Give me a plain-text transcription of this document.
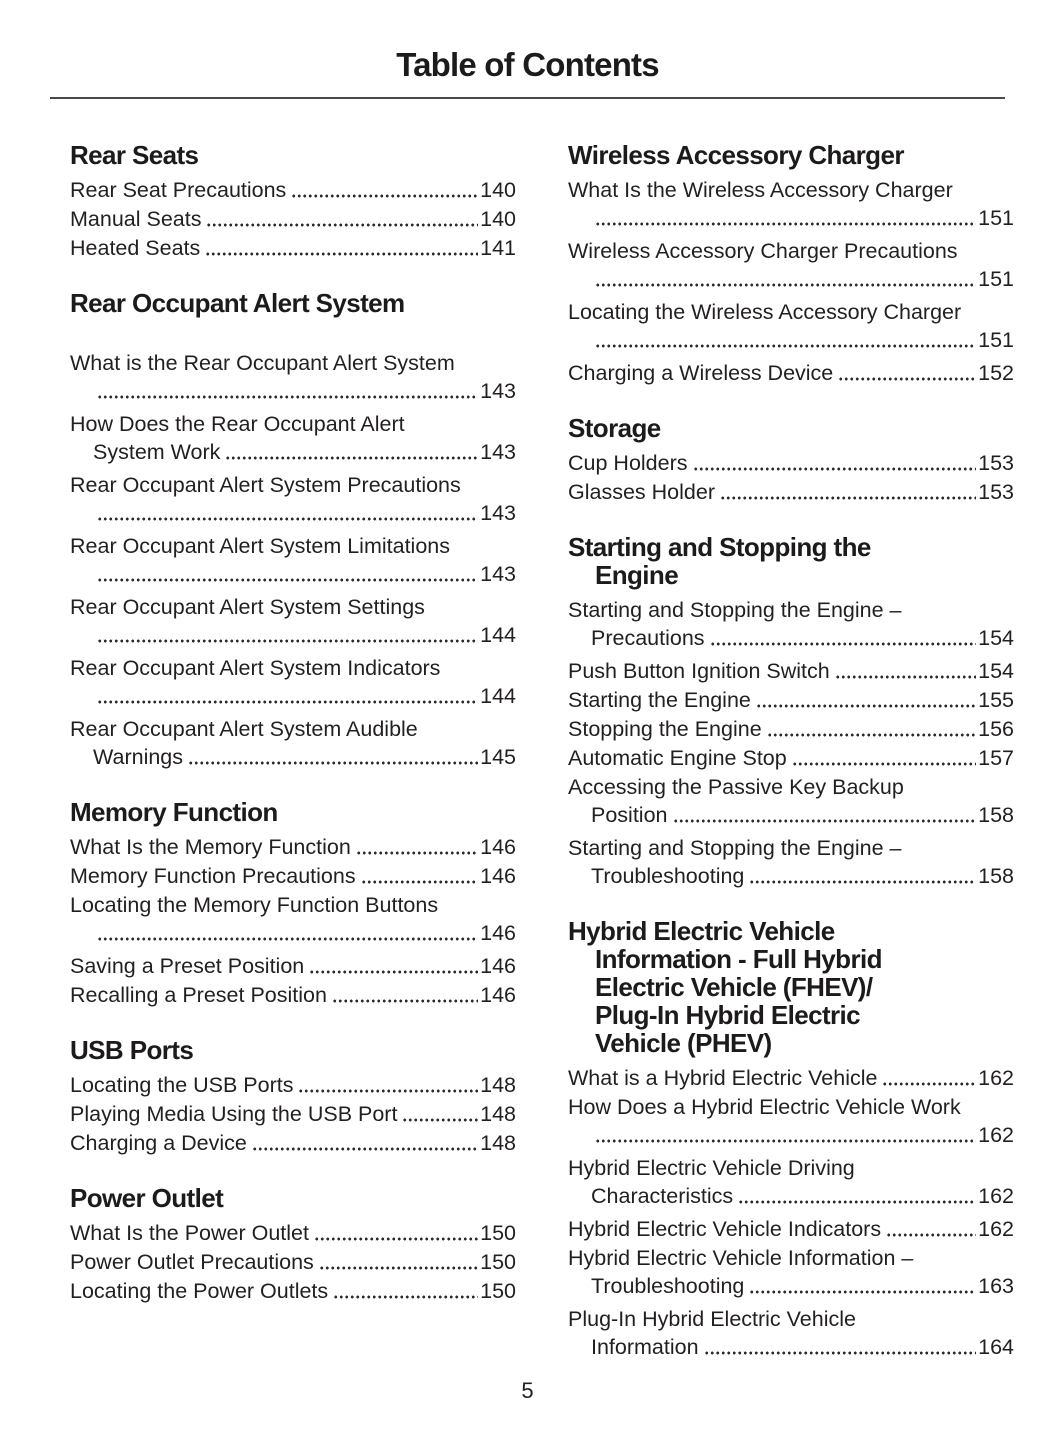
Table of Contents
Rear Seats
Rear Seat Precautions	140
Manual Seats	140
Heated Seats	141
Rear Occupant Alert System
What is the Rear Occupant Alert System
143
How Does the Rear Occupant Alert
System Work	143
Rear Occupant Alert System Precautions
143
Rear Occupant Alert System Limitations
143
Rear Occupant Alert System Settings
144
Rear Occupant Alert System Indicators
144
Rear Occupant Alert System Audible
Warnings	145
Memory Function
What Is the Memory Function	146
Memory Function Precautions	146
Locating the Memory Function Buttons
146
Saving a Preset Position	146
Recalling a Preset Position	146
USB Ports
Locating the USB Ports	148
Playing Media Using the USB Port	148
Charging a Device	148
Power Outlet
What Is the Power Outlet	150
Power Outlet Precautions	150
Locating the Power Outlets	150
Wireless Accessory Charger
What Is the Wireless Accessory Charger
151
Wireless Accessory Charger Precautions
151
Locating the Wireless Accessory Charger
151
Charging a Wireless Device	152
Storage
Cup Holders	153
Glasses Holder	153
Starting and Stopping the
Engine
Starting and Stopping the Engine –
Precautions	154
Push Button Ignition Switch	154
Starting the Engine	155
Stopping the Engine	156
Automatic Engine Stop	157
Accessing the Passive Key Backup
Position	158
Starting and Stopping the Engine –
Troubleshooting	158
Hybrid Electric Vehicle
Information - Full Hybrid
Electric Vehicle (FHEV)/
Plug-In Hybrid Electric
Vehicle (PHEV)
What is a Hybrid Electric Vehicle	162
How Does a Hybrid Electric Vehicle Work
162
Hybrid Electric Vehicle Driving
Characteristics	162
Hybrid Electric Vehicle Indicators	162
Hybrid Electric Vehicle Information –
Troubleshooting	163
Plug-In Hybrid Electric Vehicle
Information	164
5
